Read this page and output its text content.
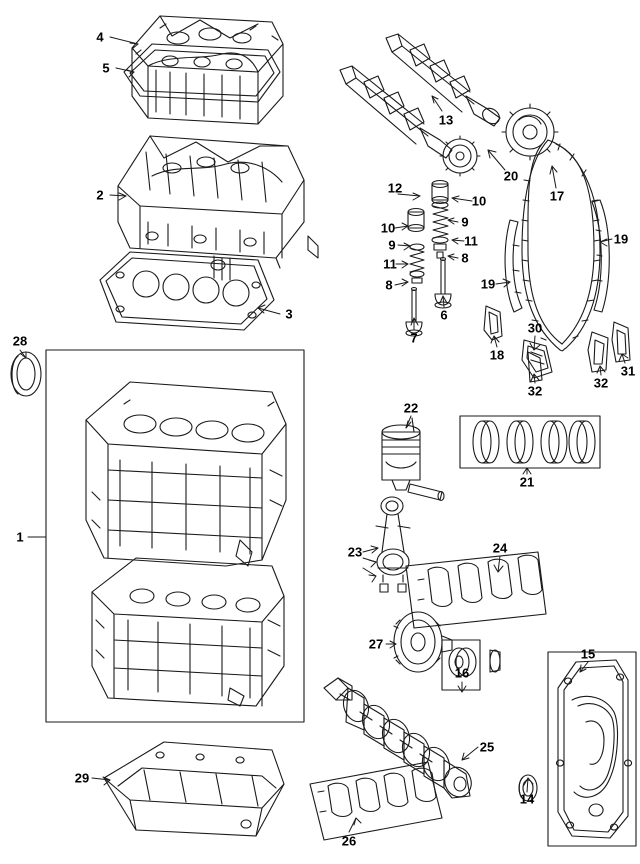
4
5
2
3
13
20
17
19
12
10
9
10
11
9
8
11
8	19
7
6
18
30
32
32
31
28
1
22
21
23	24
27
16
15
25
14
29
26
